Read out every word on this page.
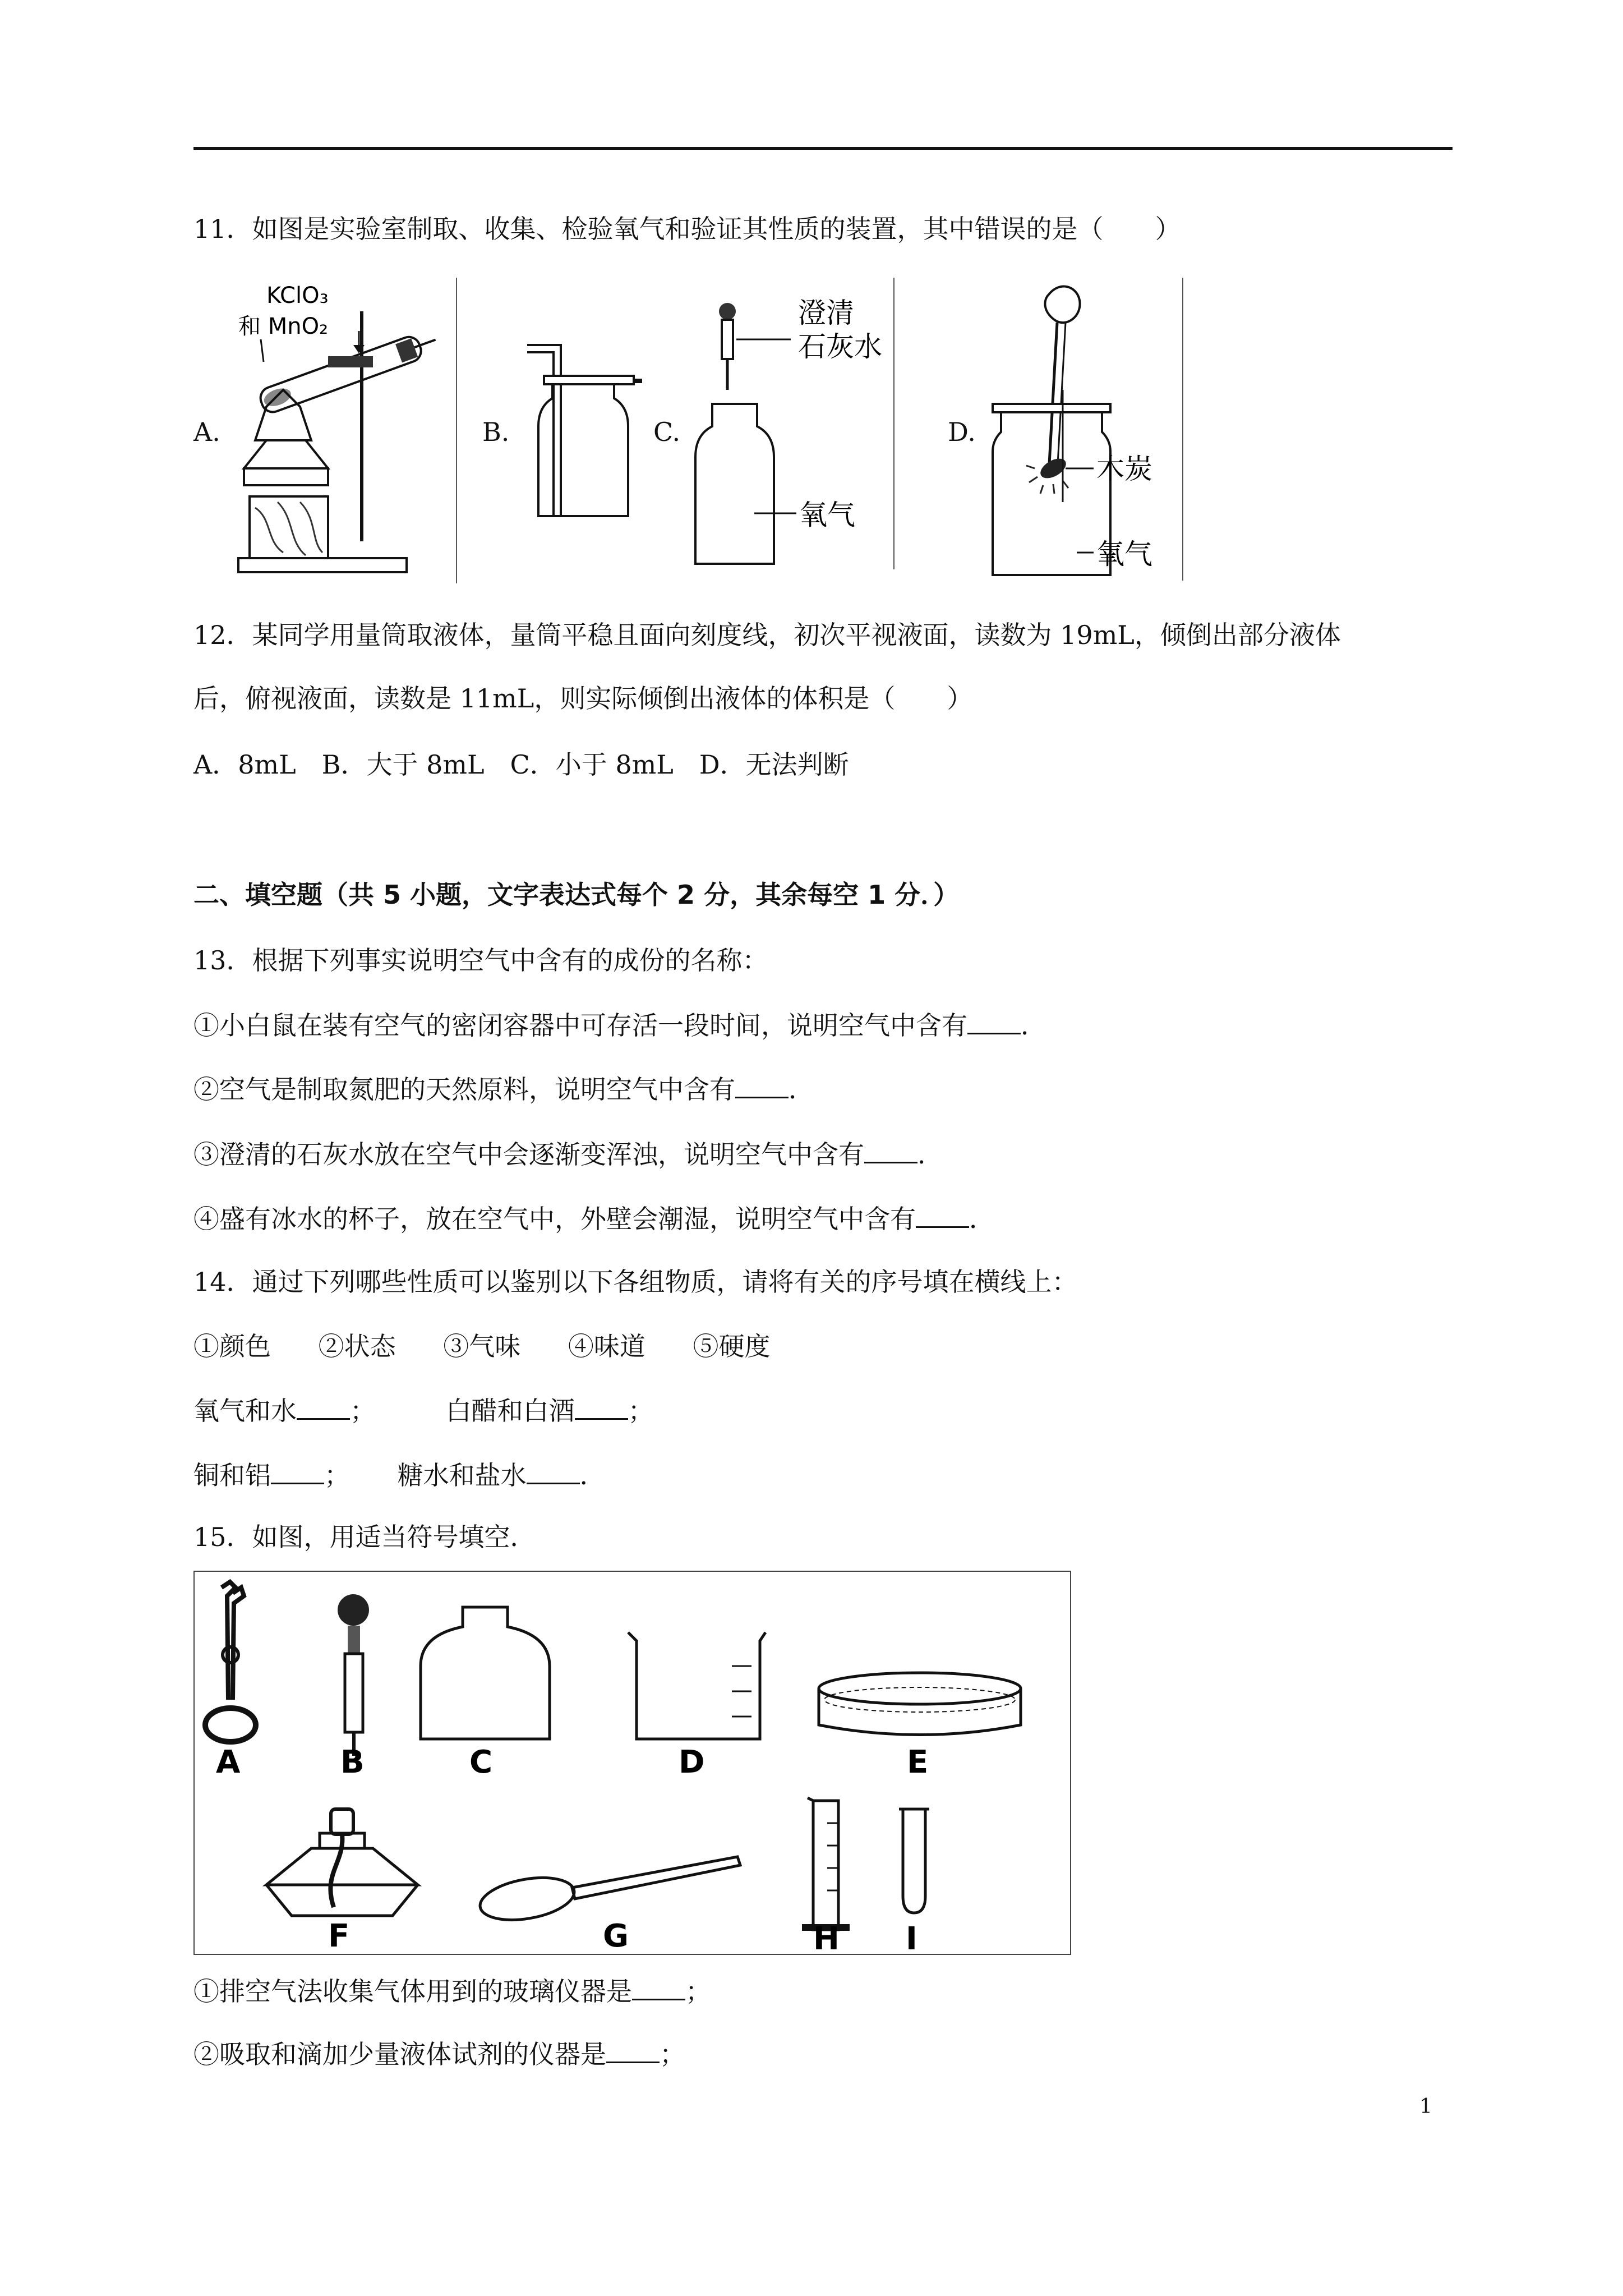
11．如图是实验室制取、收集、检验氧气和验证其性质的装置，其中错误的是（　　）
A.
KClO₃
和 MnO₂
B.	C.
澄清
石灰水
氧气
D.
木炭
氧气
12．某同学用量筒取液体，量筒平稳且面向刻度线，初次平视液面，读数为 19mL，倾倒出部分液体
后，俯视液面，读数是 11mL，则实际倾倒出液体的体积是（　　）
A．8mL　B．大于 8mL　C．小于 8mL　D．无法判断
二、填空题（共 5 小题，文字表达式每个 2 分，其余每空 1 分．）
13．根据下列事实说明空气中含有的成份的名称：
①小白鼠在装有空气的密闭容器中可存活一段时间，说明空气中含有 ．
②空气是制取氮肥的天然原料，说明空气中含有 ．
③澄清的石灰水放在空气中会逐渐变浑浊，说明空气中含有 ．
④盛有冰水的杯子，放在空气中，外壁会潮湿，说明空气中含有 ．
14．通过下列哪些性质可以鉴别以下各组物质，请将有关的序号填在横线上：
①颜色 ②状态 ③气味 ④味道 ⑤硬度
氧气和水 ；	白醋和白酒 ；
铜和铝 ； 糖水和盐水 ．
15．如图，用适当符号填空．
A	B	C	D	E
F	G	H I
①排空气法收集气体用到的玻璃仪器是 ；
②吸取和滴加少量液体试剂的仪器是 ；
1
